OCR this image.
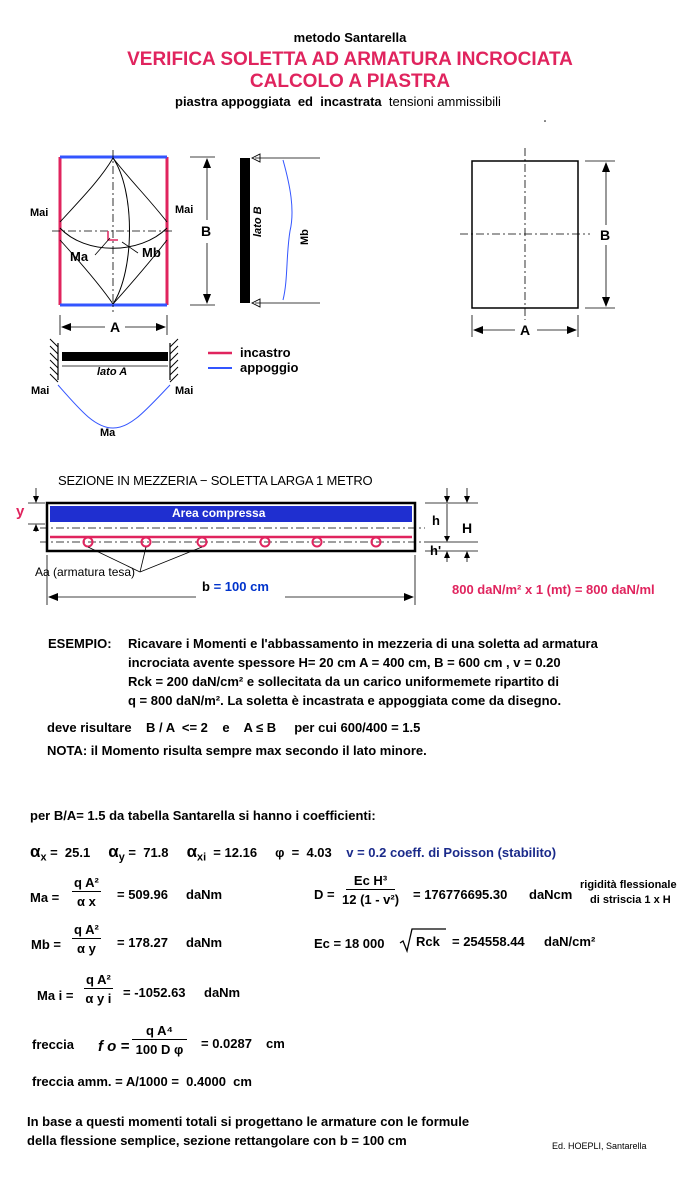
metodo Santarella
VERIFICA SOLETTA AD ARMATURA INCROCIATA
CALCOLO A PIASTRA
piastra appoggiata ed incastrata tensioni ammissibili
Mai	Mai
Ma	Mb
B
A
lato B
Mb
lato A
Mai	Mai
Ma
incastro
appoggio
B
A
SEZIONE IN MEZZERIA − SOLETTA LARGA 1 METRO
y	Area compressa	h H
h'
Aa (armatura tesa)
b = 100 cm	800 daN/m² x 1 (mt) = 800 daN/ml
ESEMPIO: Ricavare i Momenti e l'abbassamento in mezzeria di una soletta ad armatura
incrociata avente spessore H= 20 cm A = 400 cm, B = 600 cm , v = 0.20
Rck = 200 daN/cm² e sollecitata da un carico uniformemete ripartito di
q = 800 daN/m². La soletta è incastrata e appoggiata come da disegno.
deve risultare    B / A  <= 2    e    A ≤ B     per cui 600/400 = 1.5
NOTA: il Momento risulta sempre max secondo il lato minore.
per B/A= 1.5 da tabella Santarella si hanno i coefficienti:
$\alpha_x = 25.1$ $\alpha_y = 71.8$ $\alpha_{xi} = 12.16$     φ  =  4.03 v = 0.2 coeff. di Poisson (stabilito)
$Ma = \frac{\text{q A²}}{\text{α x}} = 509.96$ daNm
$Mb = \frac{\text{q A²}}{\text{α y}} = 178.27$ daNm
Ma $i = \frac{\text{q A²}}{\text{α y i}} = -1052.63$ daNm
$D = \frac{\text{Ec H³}}{\text{12 (1 - v²)}} = 176776695.30$ daNcm
rigidità flessionale
di striscia 1 x H
Ec = 18 000 Rck = 254558.44 daN/cm²
freccia f $o = \frac{\text{q A⁴}}{\text{100 D φ}} = 0.0287$ cm
freccia amm. = A/1000 =  0.4000  cm
In base a questi momenti totali si progettano le armature con le formule
della flessione semplice, sezione rettangolare con b = 100 cm	Ed. HOEPLI, Santarella
